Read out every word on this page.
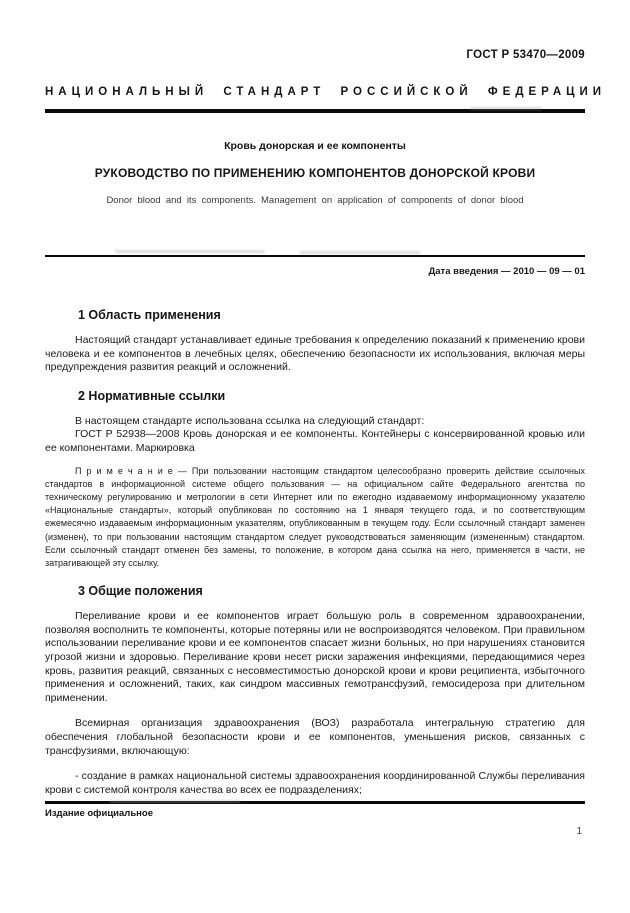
ГОСТ Р 53470—2009
НАЦИОНАЛЬНЫЙ СТАНДАРТ РОССИЙСКОЙ ФЕДЕРАЦИИ
Кровь донорская и ее компоненты
РУКОВОДСТВО ПО ПРИМЕНЕНИЮ КОМПОНЕНТОВ ДОНОРСКОЙ КРОВИ
Donor blood and its components. Management on application of components of donor blood
Дата введения — 2010 — 09 — 01
1 Область применения
Настоящий стандарт устанавливает единые требования к определению показаний к применению крови человека и ее компонентов в лечебных целях, обеспечению безопасности их использования, включая меры предупреждения развития реакций и осложнений.
2 Нормативные ссылки
В настоящем стандарте использована ссылка на следующий стандарт:
ГОСТ Р 52938—2008 Кровь донорская и ее компоненты. Контейнеры с консервированной кровью или ее компонентами. Маркировка
П р и м е ч а н и е — При пользовании настоящим стандартом целесообразно проверить действие ссылочных стандартов в информационной системе общего пользования — на официальном сайте Федерального агентства по техническому регулированию и метрологии в сети Интернет или по ежегодно издаваемому информационному указателю «Национальные стандарты», который опубликован по состоянию на 1 января текущего года, и по соответствующим ежемесячно издаваемым информационным указателям, опубликованным в текущем году. Если ссылочный стандарт заменен (изменен), то при пользовании настоящим стандартом следует руководствоваться заменяющим (измененным) стандартом. Если ссылочный стандарт отменен без замены, то положение, в котором дана ссылка на него, применяется в части, не затрагивающей эту ссылку.
3 Общие положения
Переливание крови и ее компонентов играет большую роль в современном здравоохранении, позволяя восполнить те компоненты, которые потеряны или не воспроизводятся человеком. При правильном использовании переливание крови и ее компонентов спасает жизни больных, но при нарушениях становится угрозой жизни и здоровью. Переливание крови несет риски заражения инфекциями, передающимися через кровь, развития реакций, связанных с несовместимостью донорской крови и крови реципиента, избыточного применения и осложнений, таких, как синдром массивных гемотрансфузий, гемосидероза при длительном применении.
Всемирная организация здравоохранения (ВОЗ) разработала интегральную стратегию для обеспечения глобальной безопасности крови и ее компонентов, уменьшения рисков, связанных с трансфузиями, включающую:
- создание в рамках национальной системы здравоохранения координированной Службы переливания крови с системой контроля качества во всех ее подразделениях;
Издание официальное
1
